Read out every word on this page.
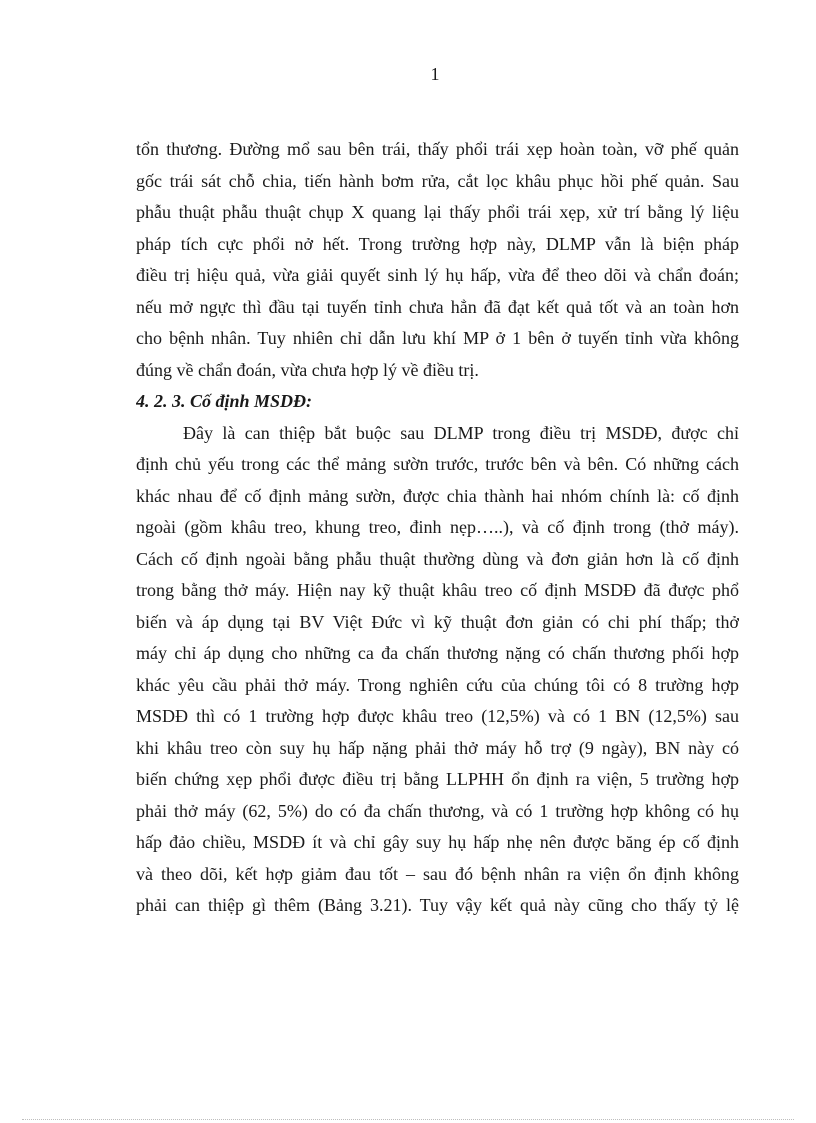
1
tổn thương. Đường mổ sau bên trái, thấy phổi trái xẹp hoàn toàn, vỡ phế quản
gốc trái sát chỗ chia, tiến hành bơm rửa, cắt lọc khâu phục hồi phế quản. Sau
phẫu thuật phẫu thuật chụp X quang lại thấy phổi trái xẹp, xử trí bằng lý liệu
pháp tích cực phổi nở hết. Trong trường hợp này, DLMP vẫn là biện pháp
điều trị hiệu quả, vừa giải quyết sinh lý hụ hấp, vừa để theo dõi và chẩn đoán;
nếu mở ngực thì đầu tại tuyến tỉnh chưa hẳn đã đạt kết quả tốt và an toàn hơn
cho bệnh nhân. Tuy nhiên chỉ dẫn lưu khí MP ở 1 bên ở tuyến tỉnh vừa không
đúng về chẩn đoán, vừa chưa hợp lý về điều trị.
4. 2. 3. Cố định MSDĐ:
Đây là can thiệp bắt buộc sau DLMP trong điều trị MSDĐ, được chỉ
định chủ yếu trong các thể mảng sườn trước, trước bên và bên. Có những cách
khác nhau để cố định mảng sườn, được chia thành hai nhóm chính là: cố định
ngoài (gồm khâu treo, khung treo, đinh nẹp…..), và cố định trong (thở máy).
Cách cố định ngoài bằng phẫu thuật thường dùng và đơn giản hơn là cố định
trong bằng thở máy. Hiện nay kỹ thuật khâu treo cố định MSDĐ đã được phổ
biến và áp dụng tại BV Việt Đức vì kỹ thuật đơn giản có chi phí thấp; thở
máy chỉ áp dụng cho những ca đa chấn thương nặng có chấn thương phối hợp
khác yêu cầu phải thở máy. Trong nghiên cứu của chúng tôi có 8 trường hợp
MSDĐ thì có 1 trường hợp được khâu treo (12,5%) và có 1 BN (12,5%) sau
khi khâu treo còn suy hụ hấp nặng phải thở máy hỗ trợ (9 ngày), BN này có
biến chứng xẹp phổi được điều trị bằng LLPHH ổn định ra viện, 5 trường hợp
phải thở máy (62, 5%) do có đa chấn thương, và có 1 trường hợp không có hụ
hấp đảo chiều, MSDĐ ít và chỉ gây suy hụ hấp nhẹ nên được băng ép cố định
và theo dõi, kết hợp giảm đau tốt – sau đó bệnh nhân ra viện ổn định không
phải can thiệp gì thêm (Bảng 3.21). Tuy vậy kết quả này cũng cho thấy tỷ lệ
